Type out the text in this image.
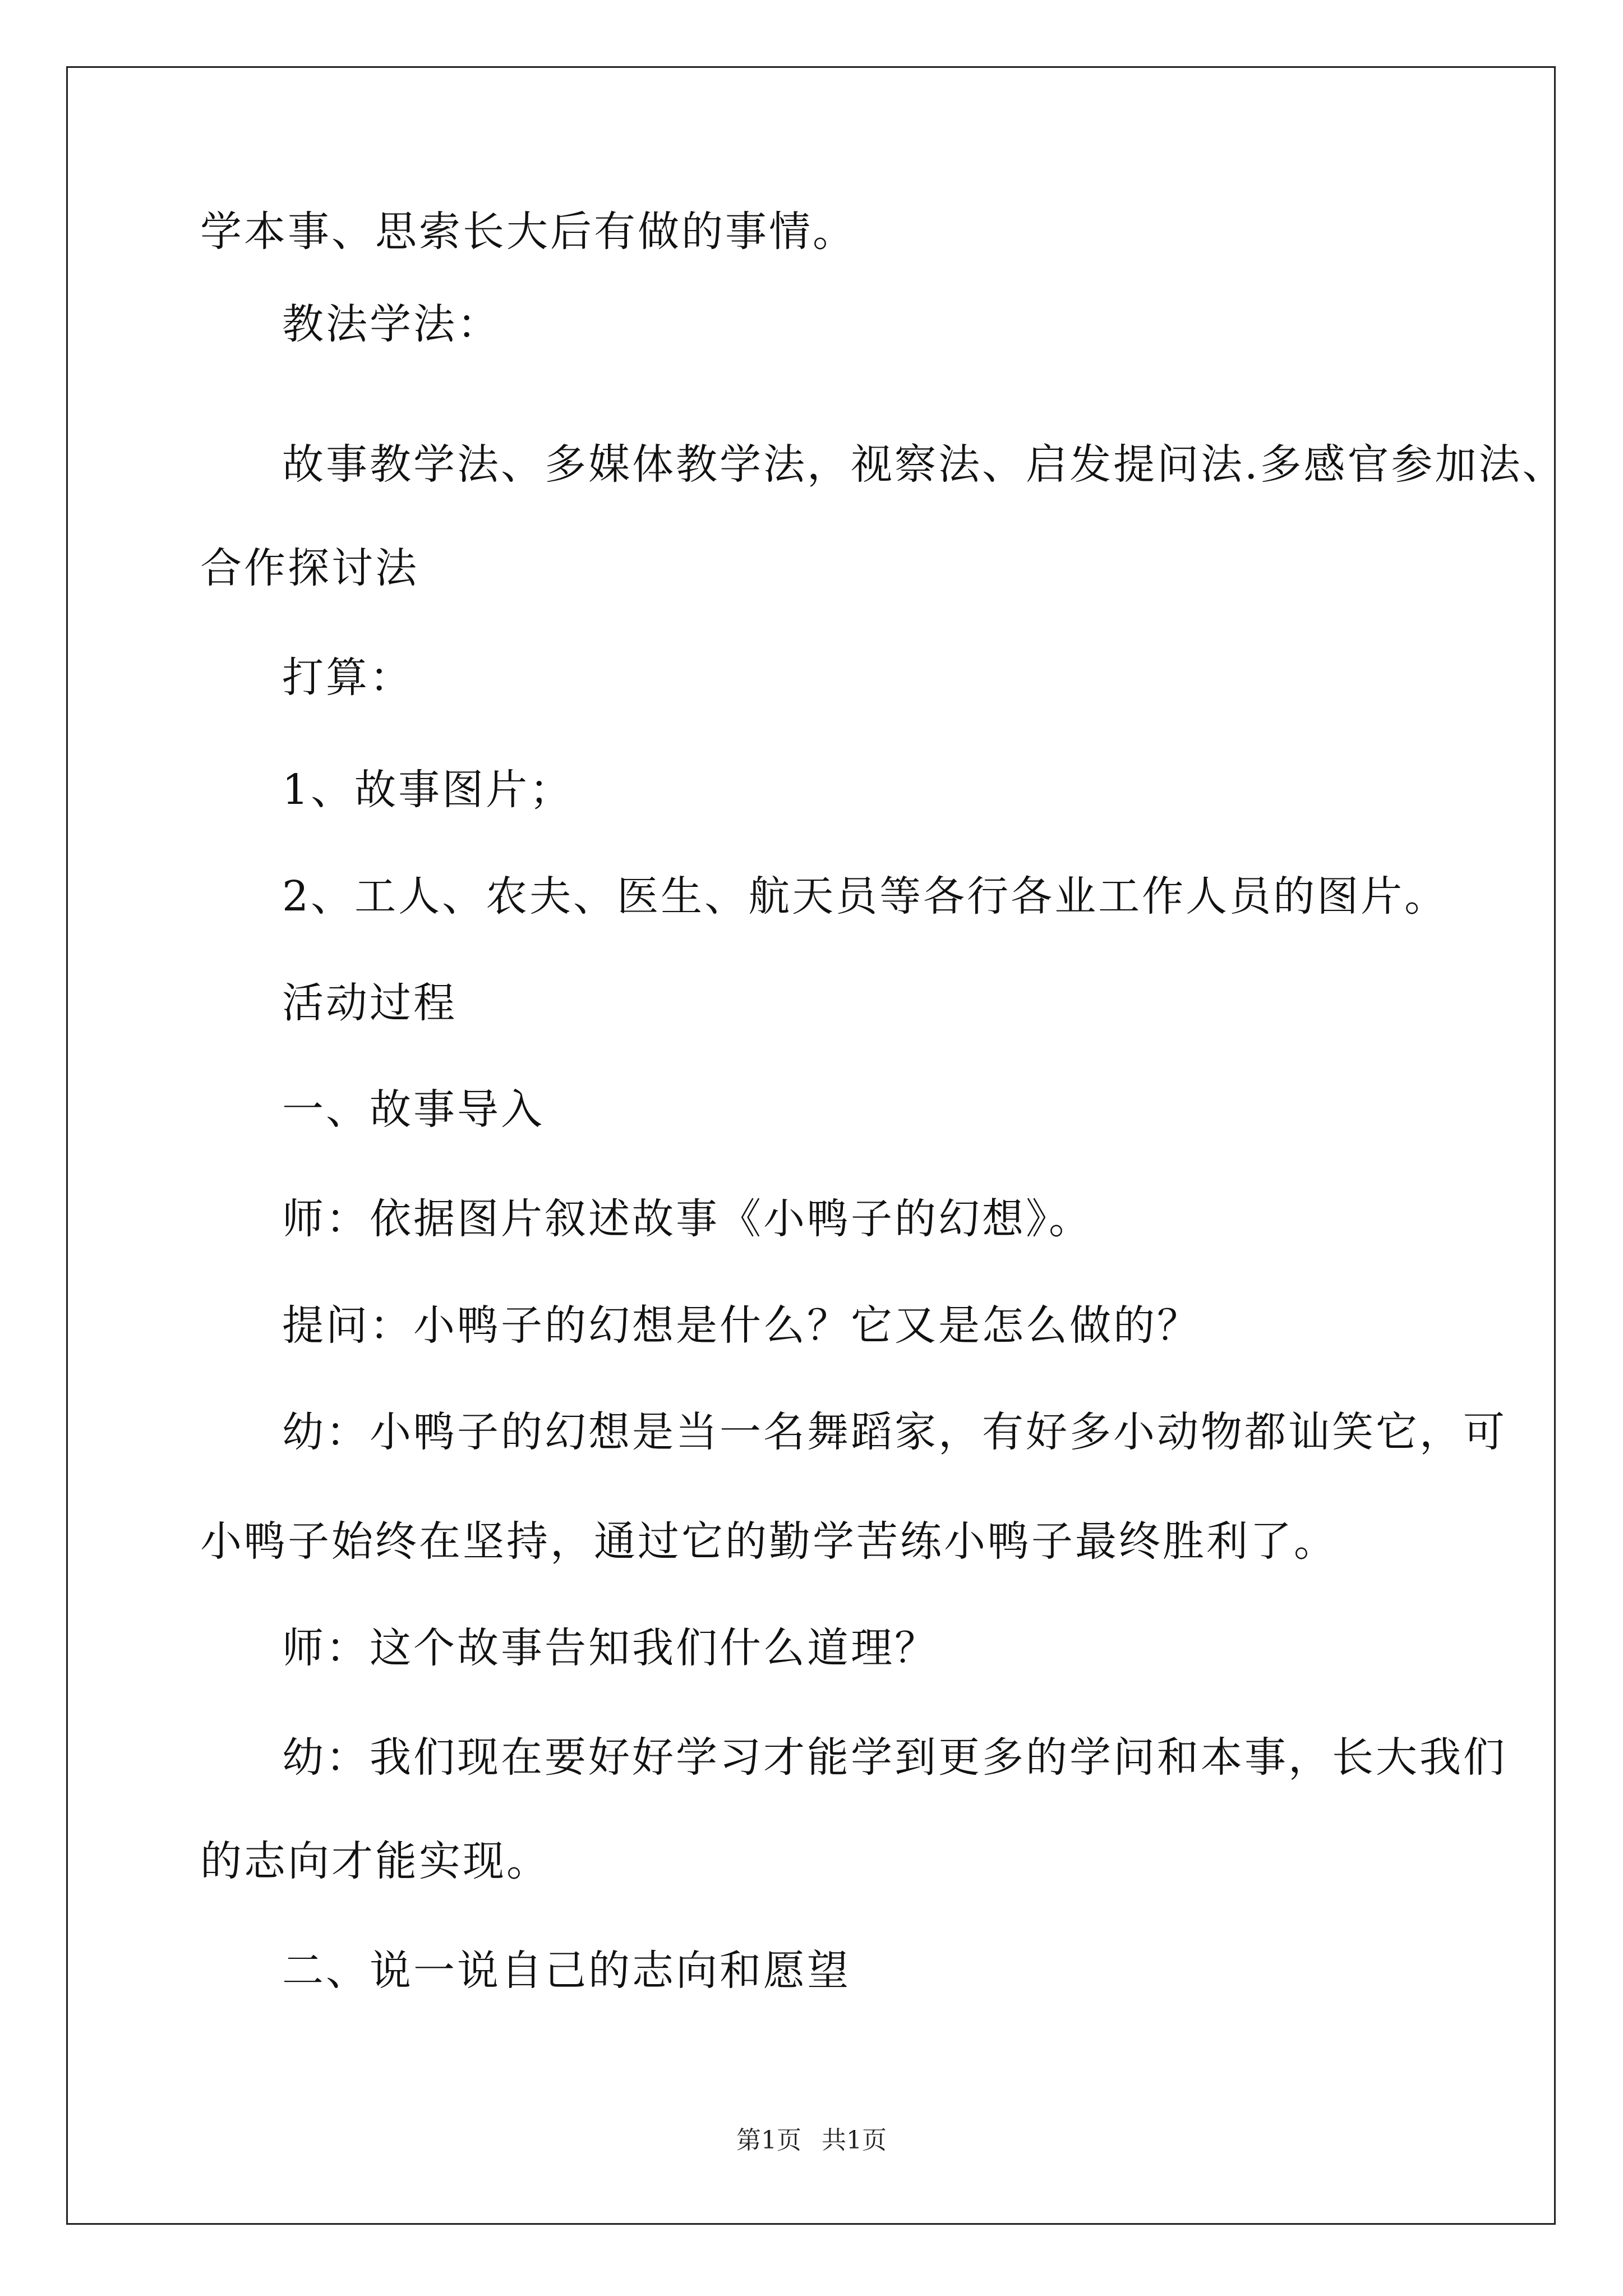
学本事、思索长大后有做的事情。
教法学法：
故事教学法、多媒体教学法，视察法、启发提问法.多感官参加法、
合作探讨法
打算：
1、故事图片；
2、工人、农夫、医生、航天员等各行各业工作人员的图片。
活动过程
一、故事导入
师：依据图片叙述故事《小鸭子的幻想》。
提问：小鸭子的幻想是什么？它又是怎么做的？
幼：小鸭子的幻想是当一名舞蹈家，有好多小动物都讪笑它，可
小鸭子始终在坚持，通过它的勤学苦练小鸭子最终胜利了。
师：这个故事告知我们什么道理？
幼：我们现在要好好学习才能学到更多的学问和本事，长大我们
的志向才能实现。
二、说一说自己的志向和愿望
第1页 共1页
